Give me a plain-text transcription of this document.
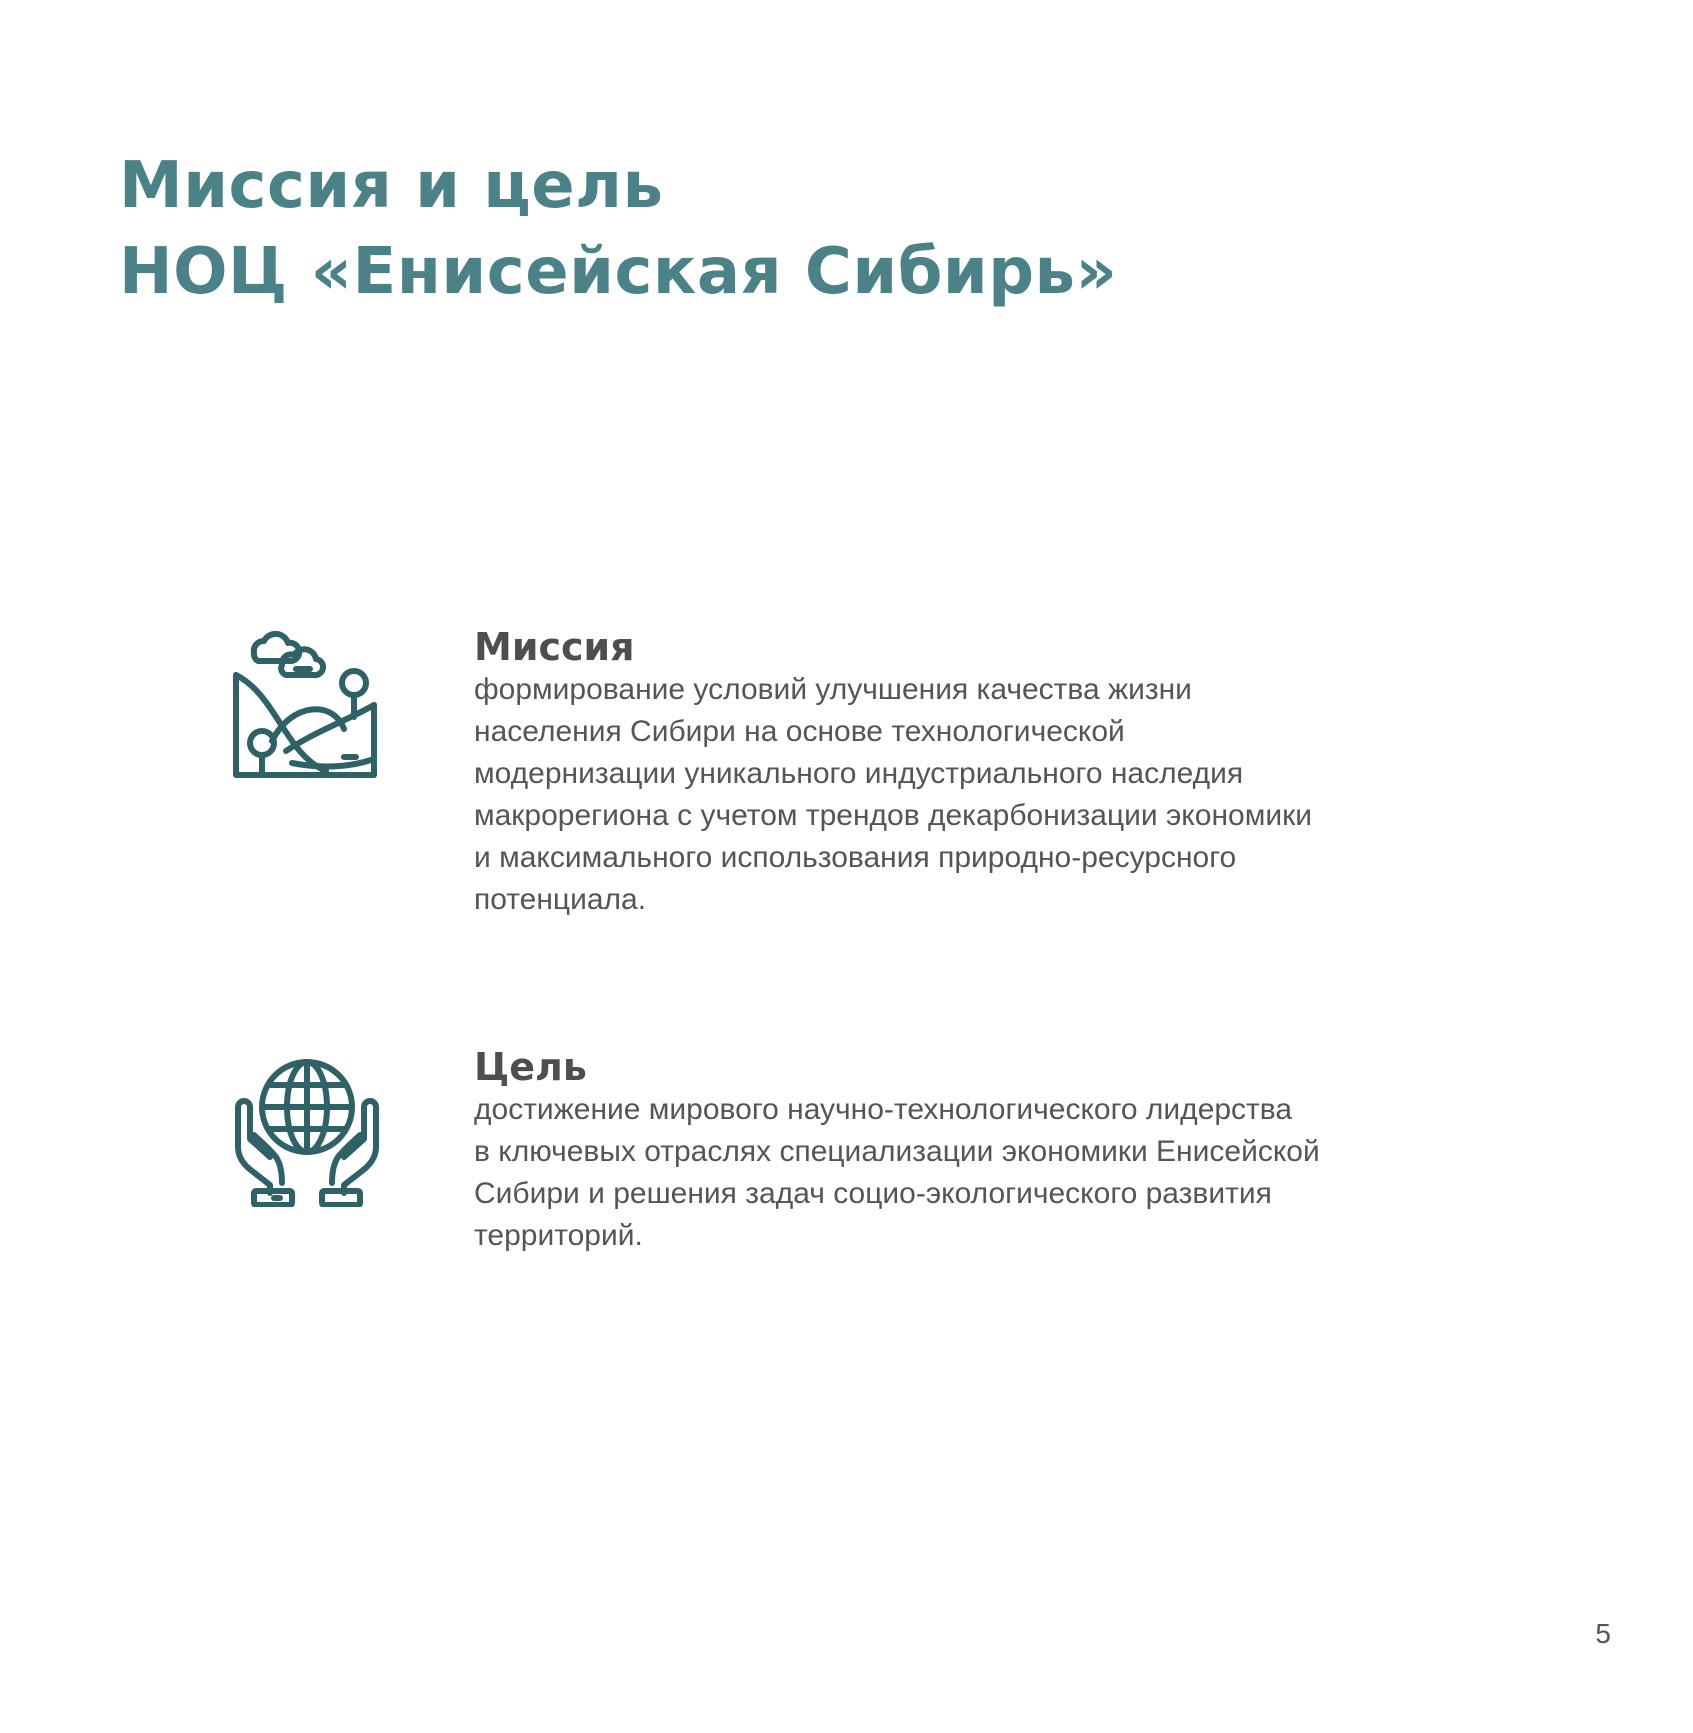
Миссия и цель
НОЦ «Енисейская Сибирь»
Миссия

формирование условий улучшения качества жизни
населения Сибири на основе технологической
модернизации уникального индустриального наследия
макрорегиона с учетом трендов декарбонизации экономики
и максимального использования природно-ресурсного
потенциала.

Цель

достижение мирового научно-технологического лидерства
в ключевых отраслях специализации экономики Енисейской
Сибири и решения задач социо-экологического развития
территорий.

5
